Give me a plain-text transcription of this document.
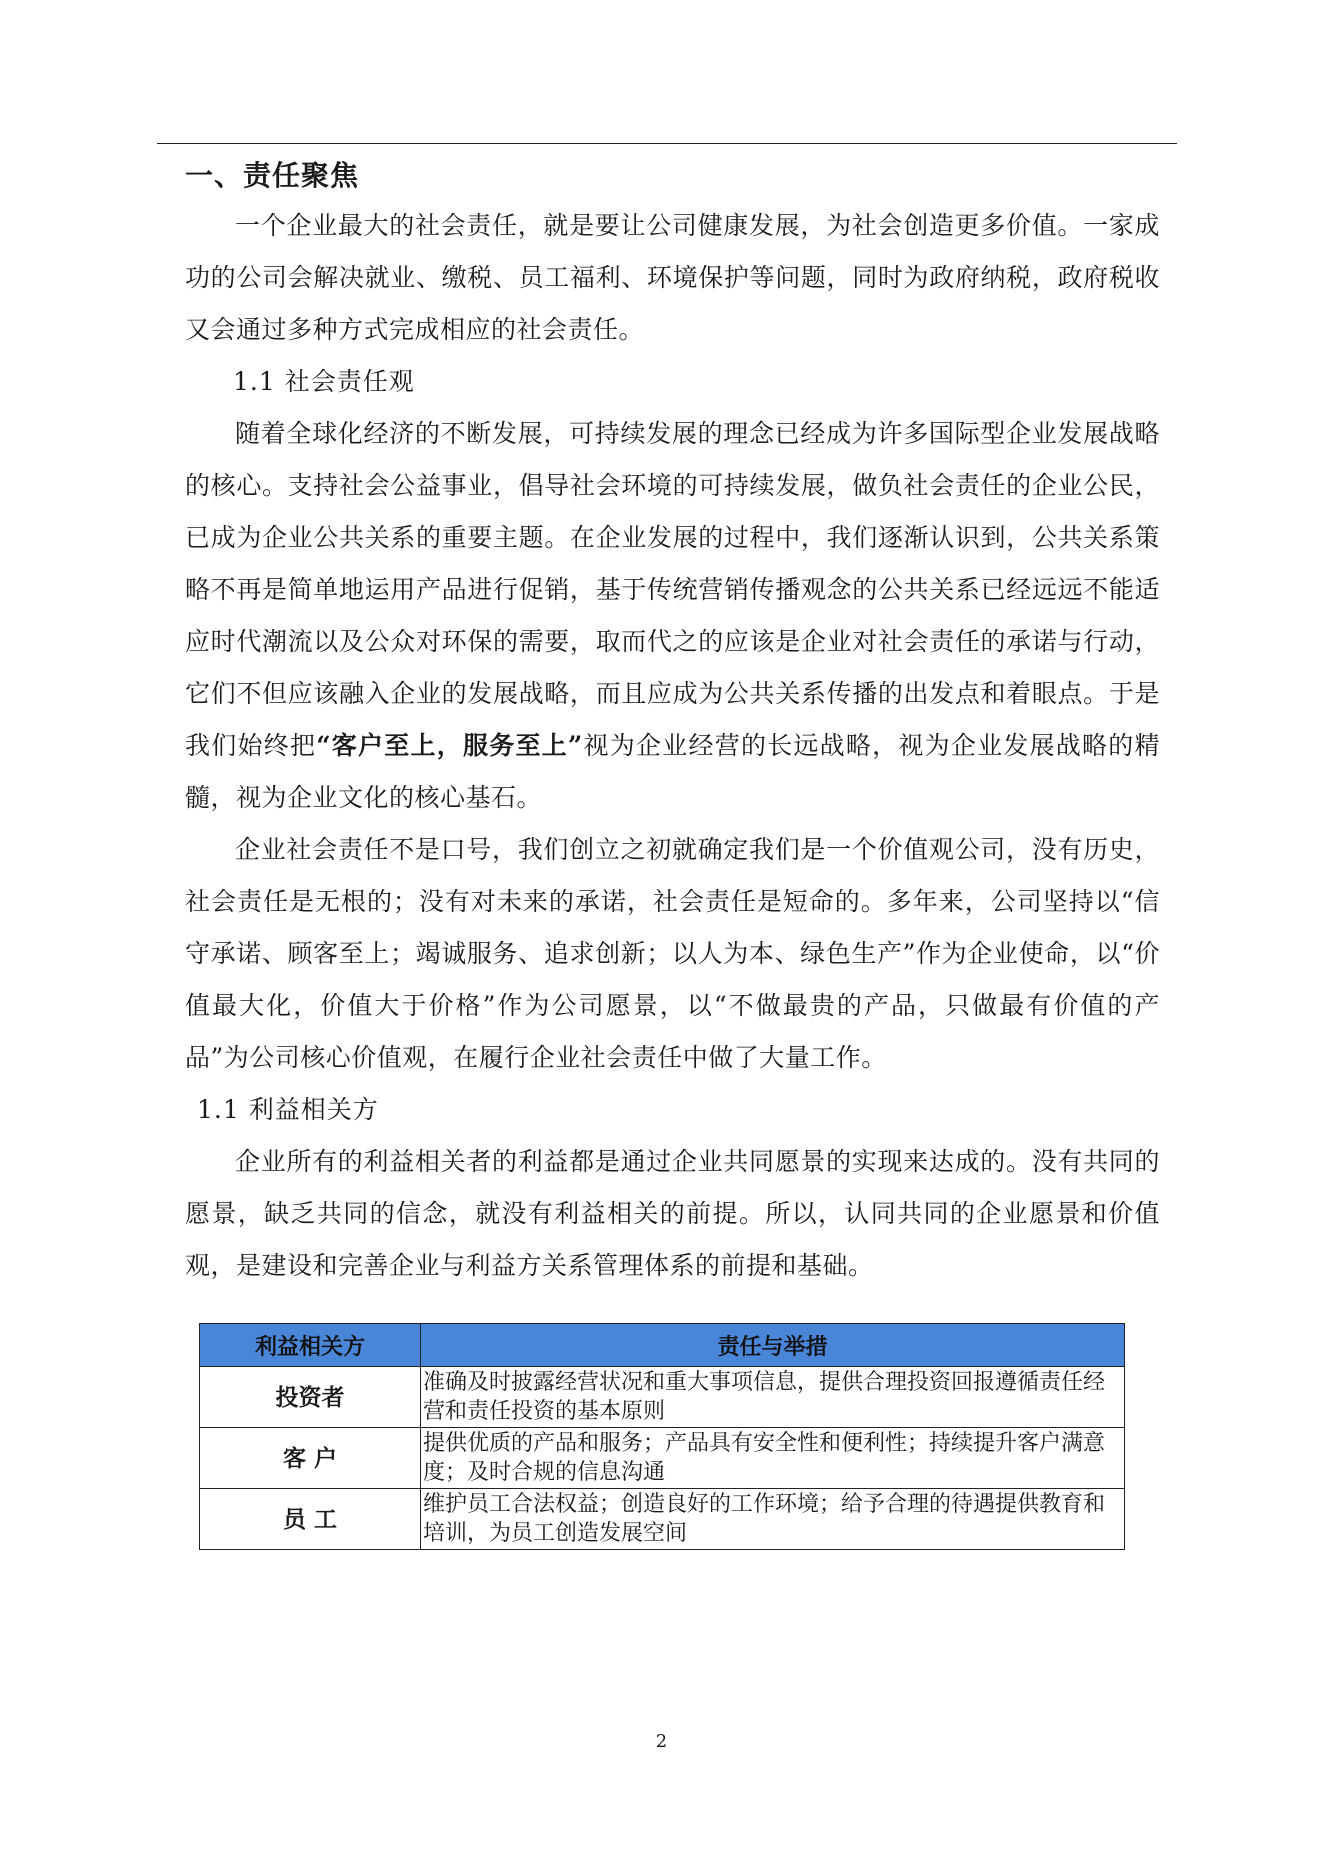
一、责任聚焦

一个企业最大的社会责任，就是要让公司健康发展，为社会创造更多价值。一家成功的公司会解决就业、缴税、员工福利、环境保护等问题，同时为政府纳税，政府税收又会通过多种方式完成相应的社会责任。

1.1 社会责任观

随着全球化经济的不断发展，可持续发展的理念已经成为许多国际型企业发展战略的核心。支持社会公益事业，倡导社会环境的可持续发展，做负社会责任的企业公民，已成为企业公共关系的重要主题。在企业发展的过程中，我们逐渐认识到，公共关系策略不再是简单地运用产品进行促销，基于传统营销传播观念的公共关系已经远远不能适应时代潮流以及公众对环保的需要，取而代之的应该是企业对社会责任的承诺与行动，它们不但应该融入企业的发展战略，而且应成为公共关系传播的出发点和着眼点。于是我们始终把“客户至上，服务至上”视为企业经营的长远战略，视为企业发展战略的精髓，视为企业文化的核心基石。

企业社会责任不是口号，我们创立之初就确定我们是一个价值观公司，没有历史，社会责任是无根的；没有对未来的承诺，社会责任是短命的。多年来，公司坚持以“信守承诺、顾客至上；竭诚服务、追求创新；以人为本、绿色生产”作为企业使命，以“价值最大化，价值大于价格”作为公司愿景，以“不做最贵的产品，只做最有价值的产品”为公司核心价值观，在履行企业社会责任中做了大量工作。

1.1 利益相关方

企业所有的利益相关者的利益都是通过企业共同愿景的实现来达成的。没有共同的愿景，缺乏共同的信念，就没有利益相关的前提。所以，认同共同的企业愿景和价值观，是建设和完善企业与利益方关系管理体系的前提和基础。

利益相关方	责任与举措
投资者	准确及时披露经营状况和重大事项信息，提供合理投资回报遵循责任经营和责任投资的基本原则
客 户	提供优质的产品和服务；产品具有安全性和便利性；持续提升客户满意度；及时合规的信息沟通
员 工	维护员工合法权益；创造良好的工作环境；给予合理的待遇提供教育和培训，为员工创造发展空间
2
